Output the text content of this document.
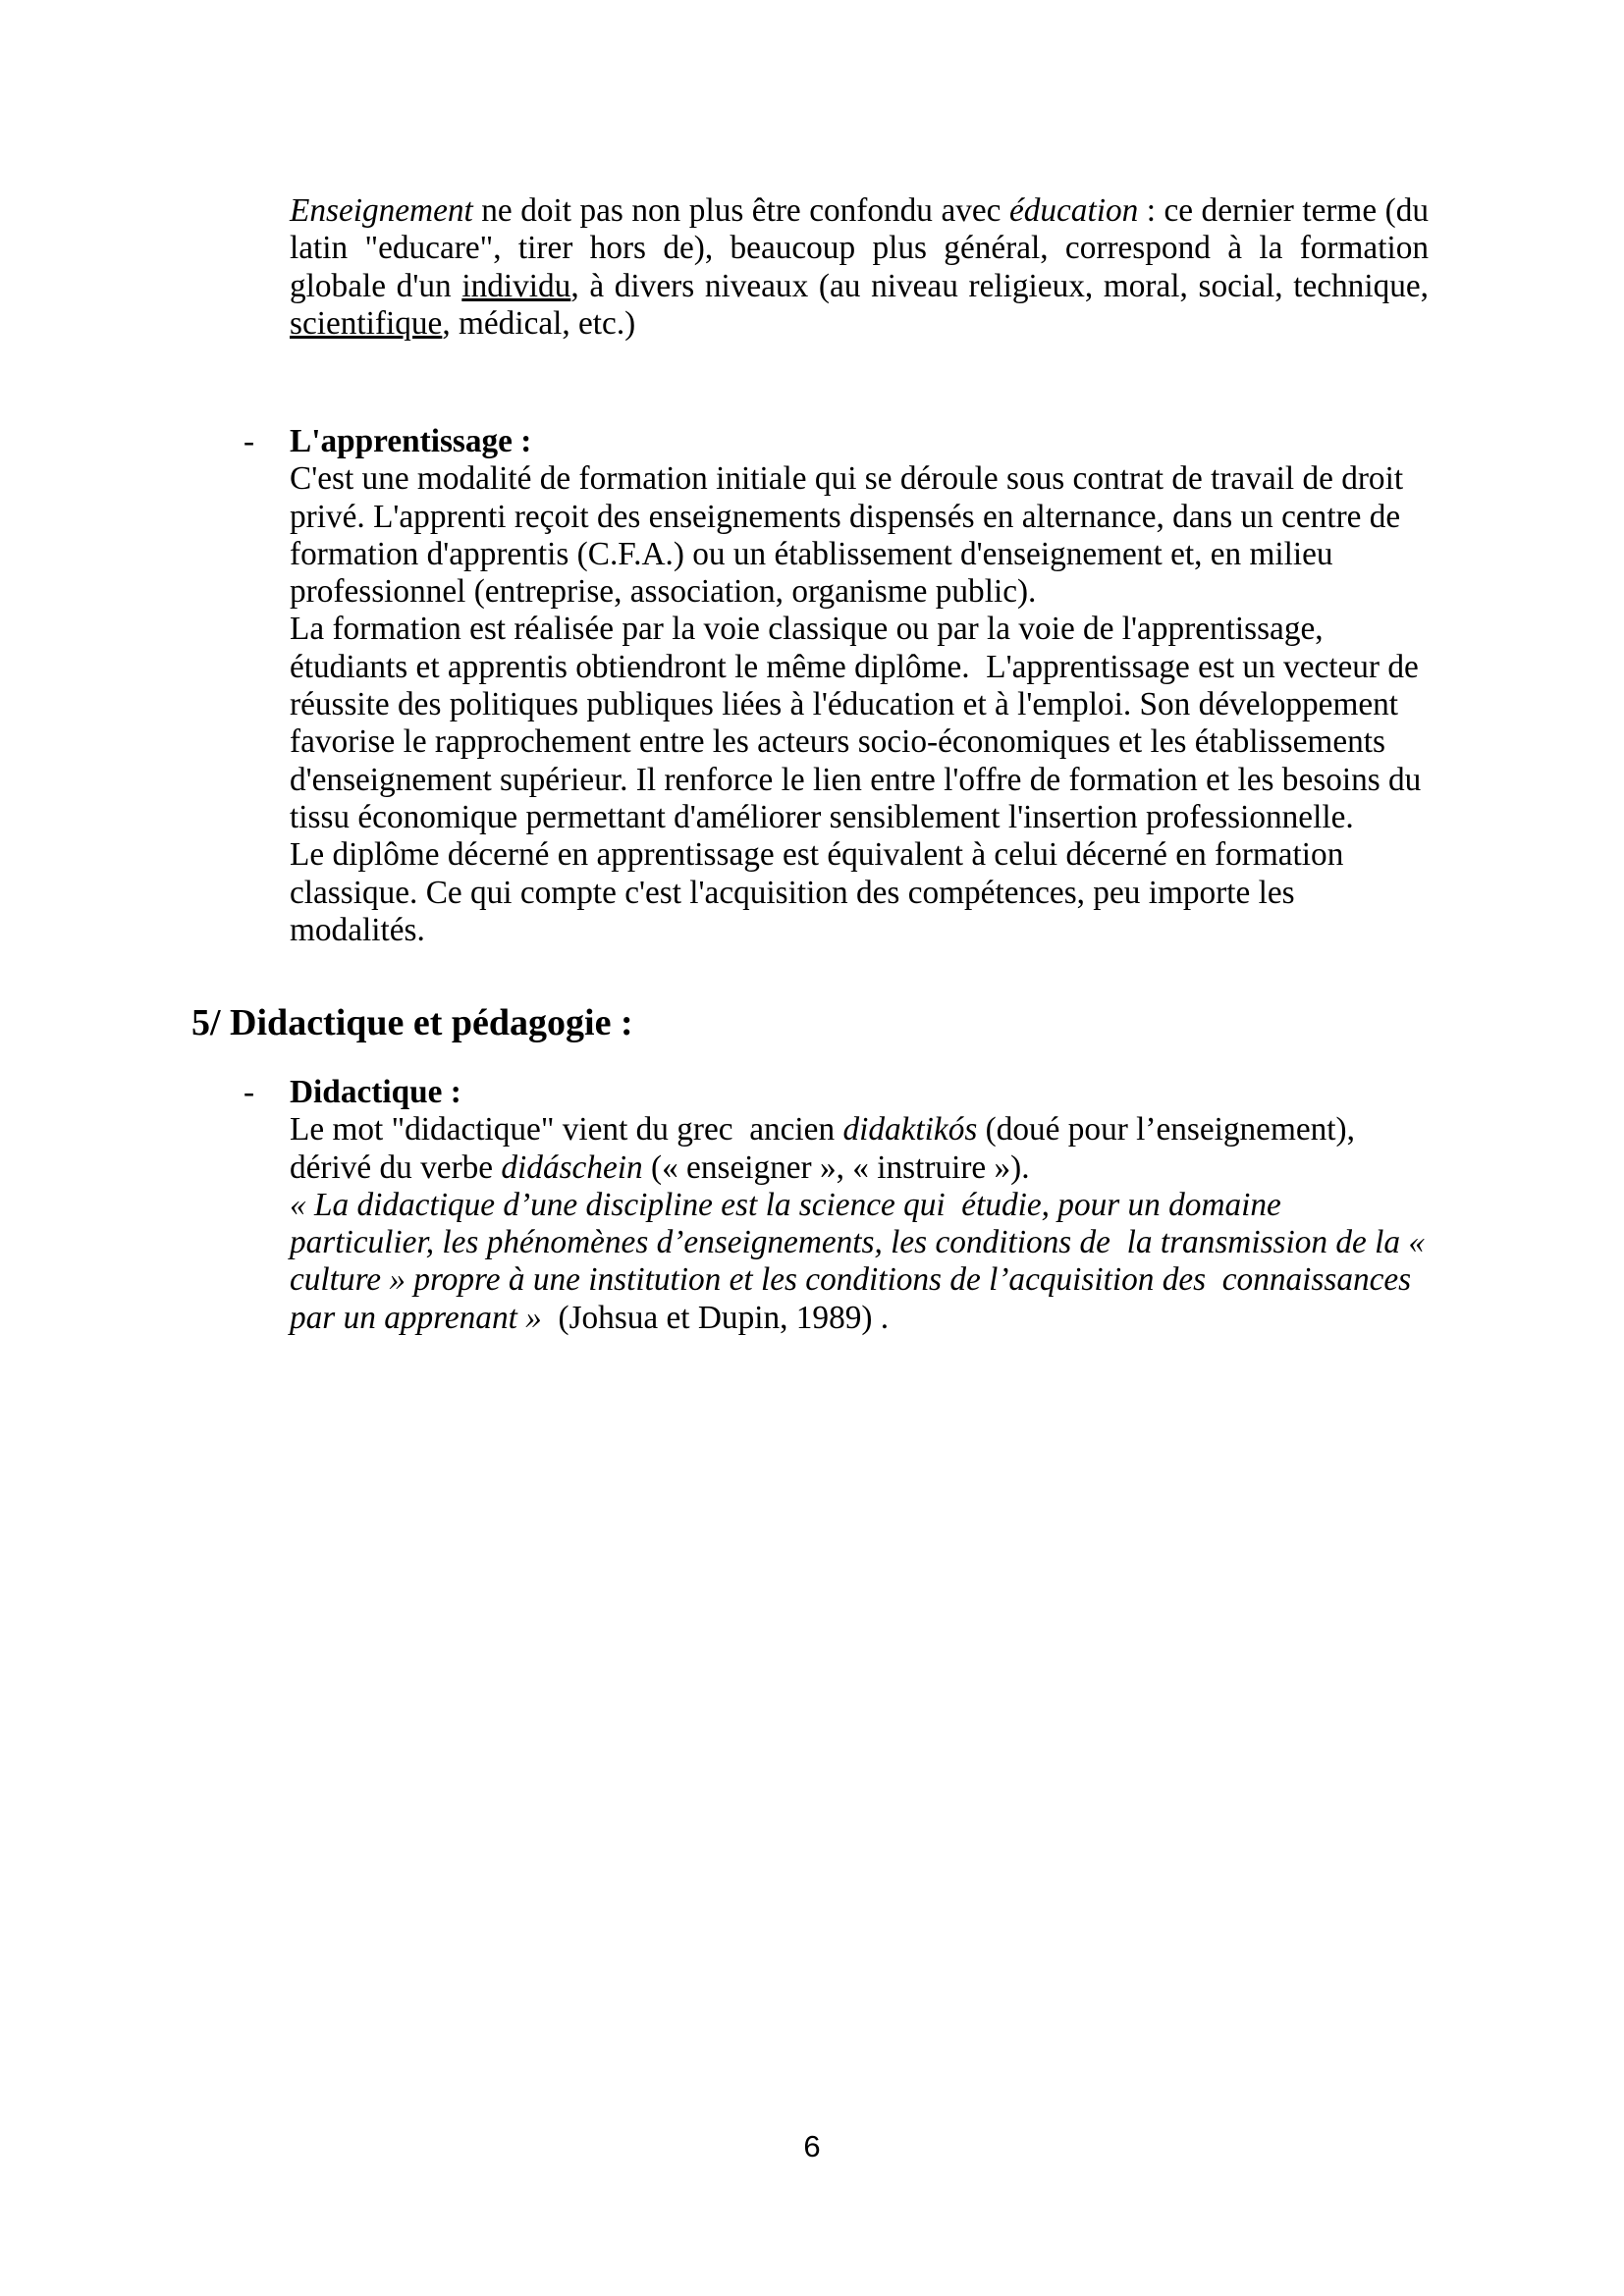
Enseignement ne doit pas non plus être confondu avec éducation : ce dernier terme (du latin "educare", tirer hors de), beaucoup plus général, correspond à la formation globale d'un individu, à divers niveaux (au niveau religieux, moral, social, technique, scientifique, médical, etc.)

- L'apprentissage :

C'est une modalité de formation initiale qui se déroule sous contrat de travail de droit privé. L'apprenti reçoit des enseignements dispensés en alternance, dans un centre de formation d'apprentis (C.F.A.) ou un établissement d'enseignement et, en milieu professionnel (entreprise, association, organisme public).

La formation est réalisée par la voie classique ou par la voie de l'apprentissage, étudiants et apprentis obtiendront le même diplôme.  L'apprentissage est un vecteur de réussite des politiques publiques liées à l'éducation et à l'emploi. Son développement favorise le rapprochement entre les acteurs socio-économiques et les établissements d'enseignement supérieur. Il renforce le lien entre l'offre de formation et les besoins du tissu économique permettant d'améliorer sensiblement l'insertion professionnelle.

Le diplôme décerné en apprentissage est équivalent à celui décerné en formation classique. Ce qui compte c'est l'acquisition des compétences, peu importe les modalités.

5/ Didactique et pédagogie :
- Didactique :

Le mot "didactique" vient du grec  ancien didaktikós (doué pour l’enseignement), dérivé du verbe didáschein (« enseigner », « instruire »).

« La didactique d’une discipline est la science qui  étudie, pour un domaine particulier, les phénomènes d’enseignements, les conditions de  la transmission de la « culture » propre à une institution et les conditions de l’acquisition des  connaissances par un apprenant »  (Johsua et Dupin, 1989) .

6
